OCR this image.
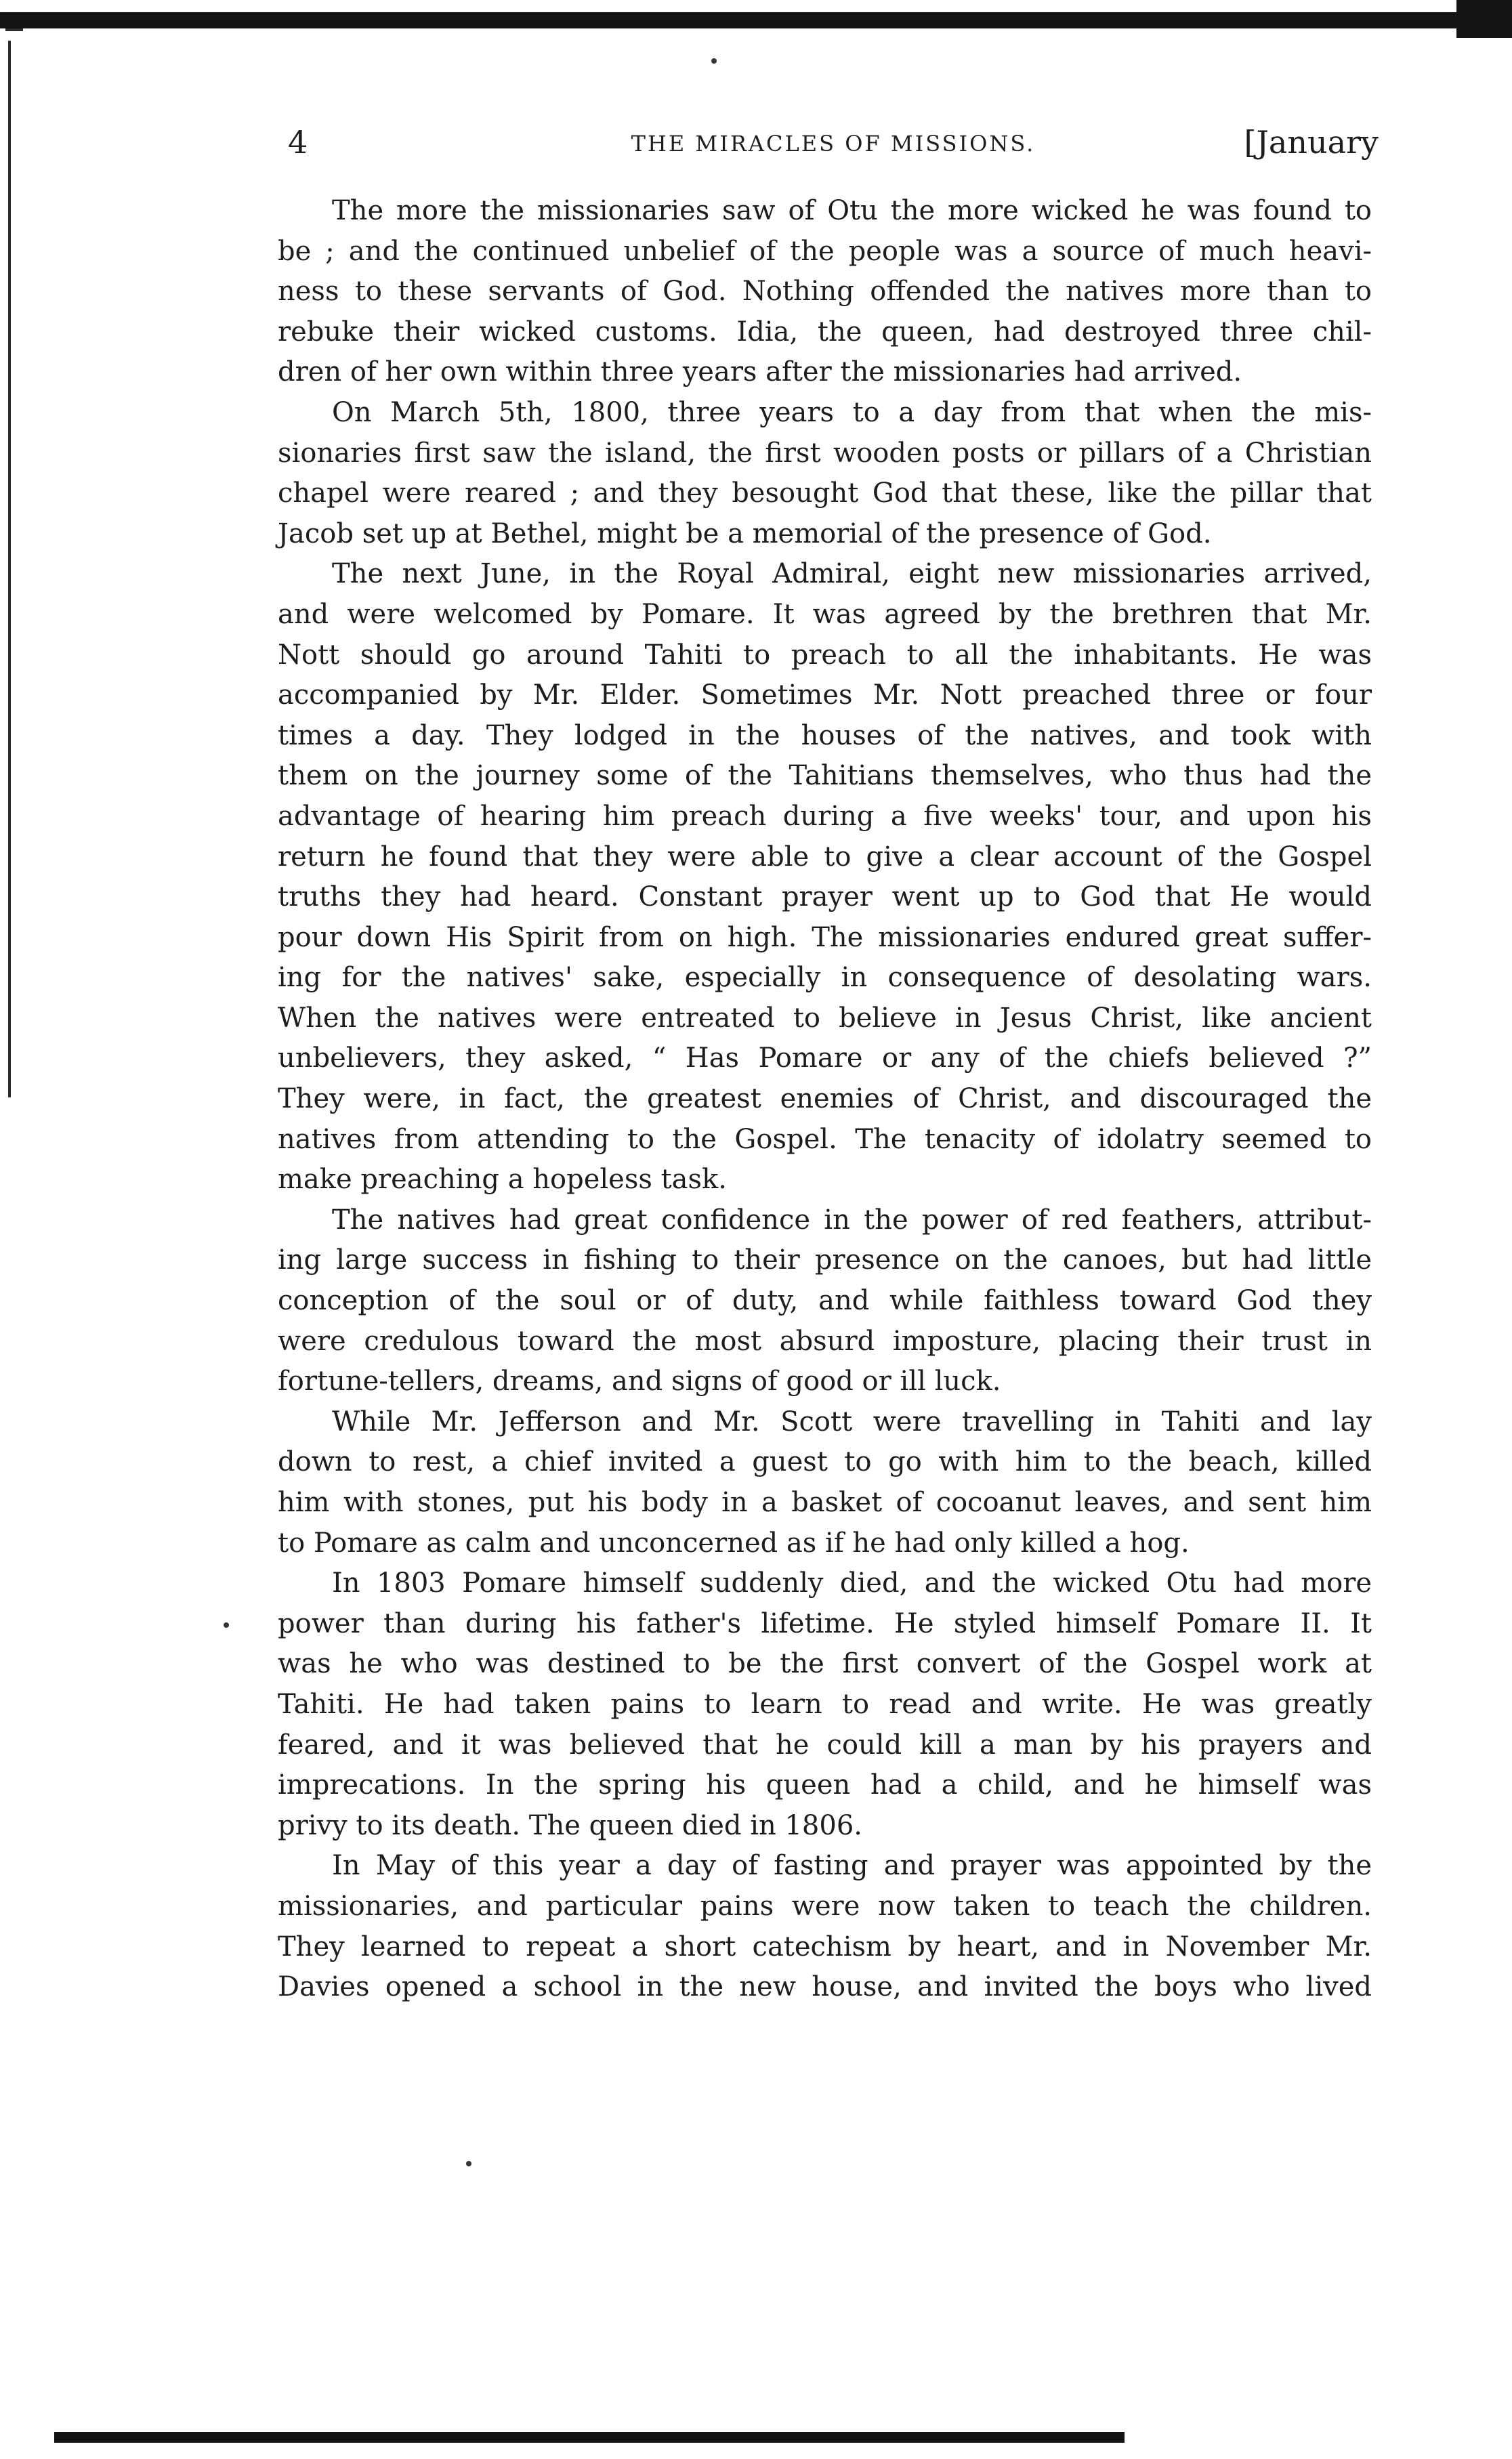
4	THE MIRACLES OF MISSIONS.	[January
The more the missionaries saw of Otu the more wicked he was found to
be ; and the continued unbelief of the people was a source of much heavi-
ness to these servants of God. Nothing offended the natives more than to
rebuke their wicked customs. Idia, the queen, had destroyed three chil-
dren of her own within three years after the missionaries had arrived.
On March 5th, 1800, three years to a day from that when the mis-
sionaries first saw the island, the first wooden posts or pillars of a Christian
chapel were reared ; and they besought God that these, like the pillar that
Jacob set up at Bethel, might be a memorial of the presence of God.
The next June, in the Royal Admiral, eight new missionaries arrived,
and were welcomed by Pomare. It was agreed by the brethren that Mr.
Nott should go around Tahiti to preach to all the inhabitants. He was
accompanied by Mr. Elder. Sometimes Mr. Nott preached three or four
times a day. They lodged in the houses of the natives, and took with
them on the journey some of the Tahitians themselves, who thus had the
advantage of hearing him preach during a five weeks' tour, and upon his
return he found that they were able to give a clear account of the Gospel
truths they had heard. Constant prayer went up to God that He would
pour down His Spirit from on high. The missionaries endured great suffer-
ing for the natives' sake, especially in consequence of desolating wars.
When the natives were entreated to believe in Jesus Christ, like ancient
unbelievers, they asked, “ Has Pomare or any of the chiefs believed ?”
They were, in fact, the greatest enemies of Christ, and discouraged the
natives from attending to the Gospel. The tenacity of idolatry seemed to
make preaching a hopeless task.
The natives had great confidence in the power of red feathers, attribut-
ing large success in fishing to their presence on the canoes, but had little
conception of the soul or of duty, and while faithless toward God they
were credulous toward the most absurd imposture, placing their trust in
fortune-tellers, dreams, and signs of good or ill luck.
While Mr. Jefferson and Mr. Scott were travelling in Tahiti and lay
down to rest, a chief invited a guest to go with him to the beach, killed
him with stones, put his body in a basket of cocoanut leaves, and sent him
to Pomare as calm and unconcerned as if he had only killed a hog.
In 1803 Pomare himself suddenly died, and the wicked Otu had more
power than during his father's lifetime. He styled himself Pomare II. It
was he who was destined to be the first convert of the Gospel work at
Tahiti. He had taken pains to learn to read and write. He was greatly
feared, and it was believed that he could kill a man by his prayers and
imprecations. In the spring his queen had a child, and he himself was
privy to its death. The queen died in 1806.
In May of this year a day of fasting and prayer was appointed by the
missionaries, and particular pains were now taken to teach the children.
They learned to repeat a short catechism by heart, and in November Mr.
Davies opened a school in the new house, and invited the boys who lived
